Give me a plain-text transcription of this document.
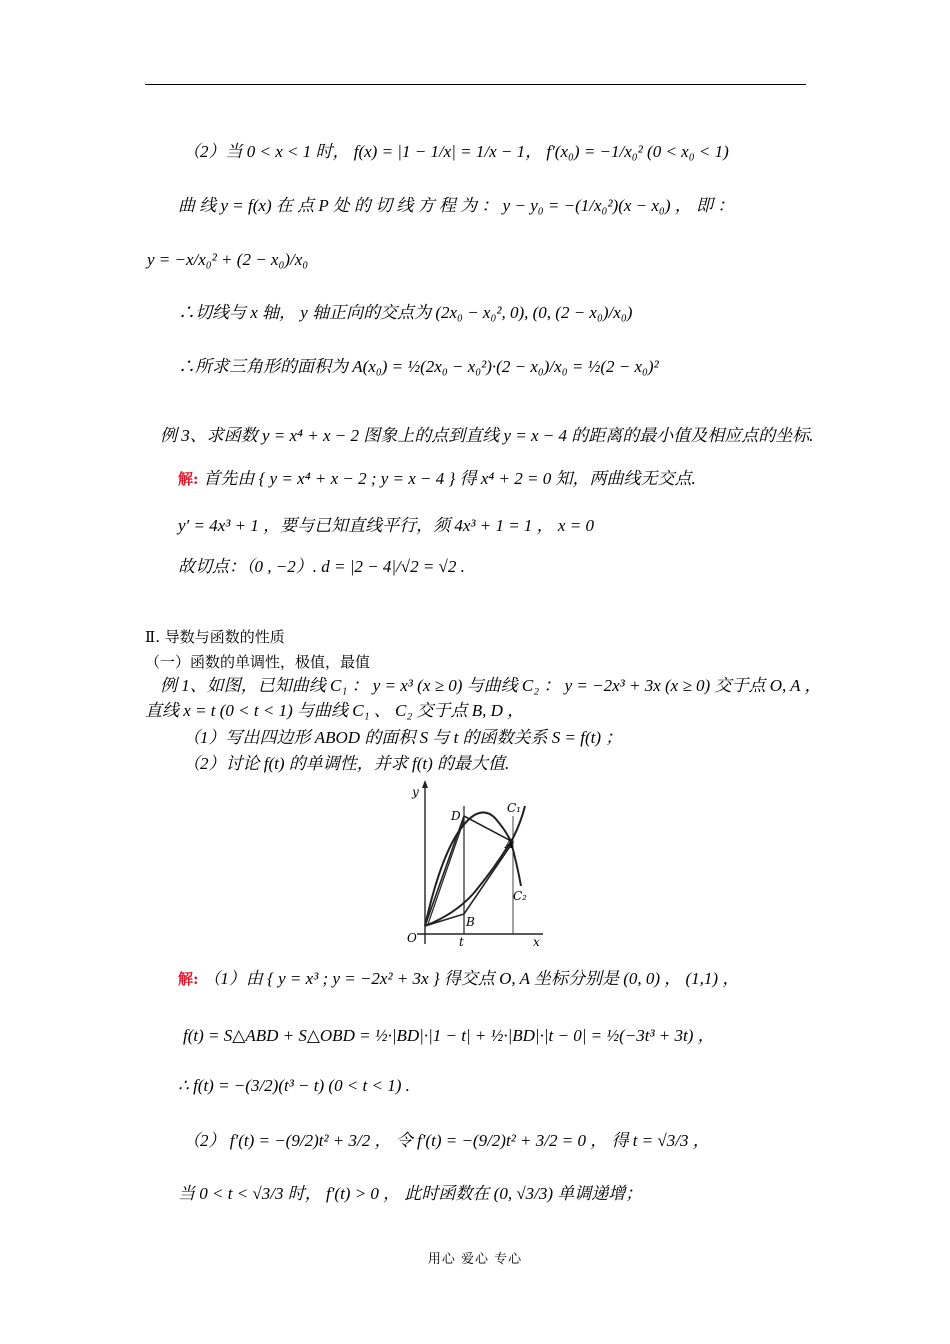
（2）当 0 < x < 1 时， f(x) = |1 − 1/x| = 1/x − 1， f′(x₀) = −1/x₀² (0 < x₀ < 1)
曲 线 y = f(x) 在 点 P 处 的 切 线 方 程 为 ： y − y₀ = −(1/x₀²)(x − x₀) ， 即 ：
y = −x/x₀² + (2 − x₀)/x₀
∴切线与 x 轴， y 轴正向的交点为 (2x₀ − x₀², 0), (0, (2 − x₀)/x₀)
∴所求三角形的面积为 A(x₀) = ½(2x₀ − x₀²)·(2 − x₀)/x₀ = ½(2 − x₀)²
例 3、求函数 y = x⁴ + x − 2 图象上的点到直线 y = x − 4 的距离的最小值及相应点的坐标.
解: 首先由 { y = x⁴ + x − 2 ; y = x − 4 } 得 x⁴ + 2 = 0 知，两曲线无交点.
y′ = 4x³ + 1 ，要与已知直线平行，须 4x³ + 1 = 1 ， x = 0
故切点：（0 , −2）. d = |2 − 4|/√2 = √2 .
Ⅱ. 导数与函数的性质
（一）函数的单调性，极值，最值
例 1、如图，已知曲线 C₁ ： y = x³ (x ≥ 0) 与曲线 C₂ ： y = −2x³ + 3x (x ≥ 0) 交于点 O, A ，
直线 x = t (0 < t < 1) 与曲线 C₁ 、 C₂ 交于点 B, D ，
（1）写出四边形 ABOD 的面积 S 与 t 的函数关系 S = f(t) ；
（2）讨论 f(t) 的单调性，并求 f(t) 的最大值.
y
x
O
D
A
B
t
C₁
C₂
解: （1）由 { y = x³ ; y = −2x² + 3x } 得交点 O, A 坐标分别是 (0, 0) ， (1,1) ，
f(t) = S△ABD + S△OBD = ½·|BD|·|1 − t| + ½·|BD|·|t − 0| = ½(−3t³ + 3t) ，
∴ f(t) = −(3/2)(t³ − t) (0 < t < 1) .
（2） f′(t) = −(9/2)t² + 3/2 ， 令 f′(t) = −(9/2)t² + 3/2 = 0 ， 得 t = √3/3 ，
当 0 < t < √3/3 时， f′(t) > 0 ， 此时函数在 (0, √3/3) 单调递增；
用心 爱心 专心
